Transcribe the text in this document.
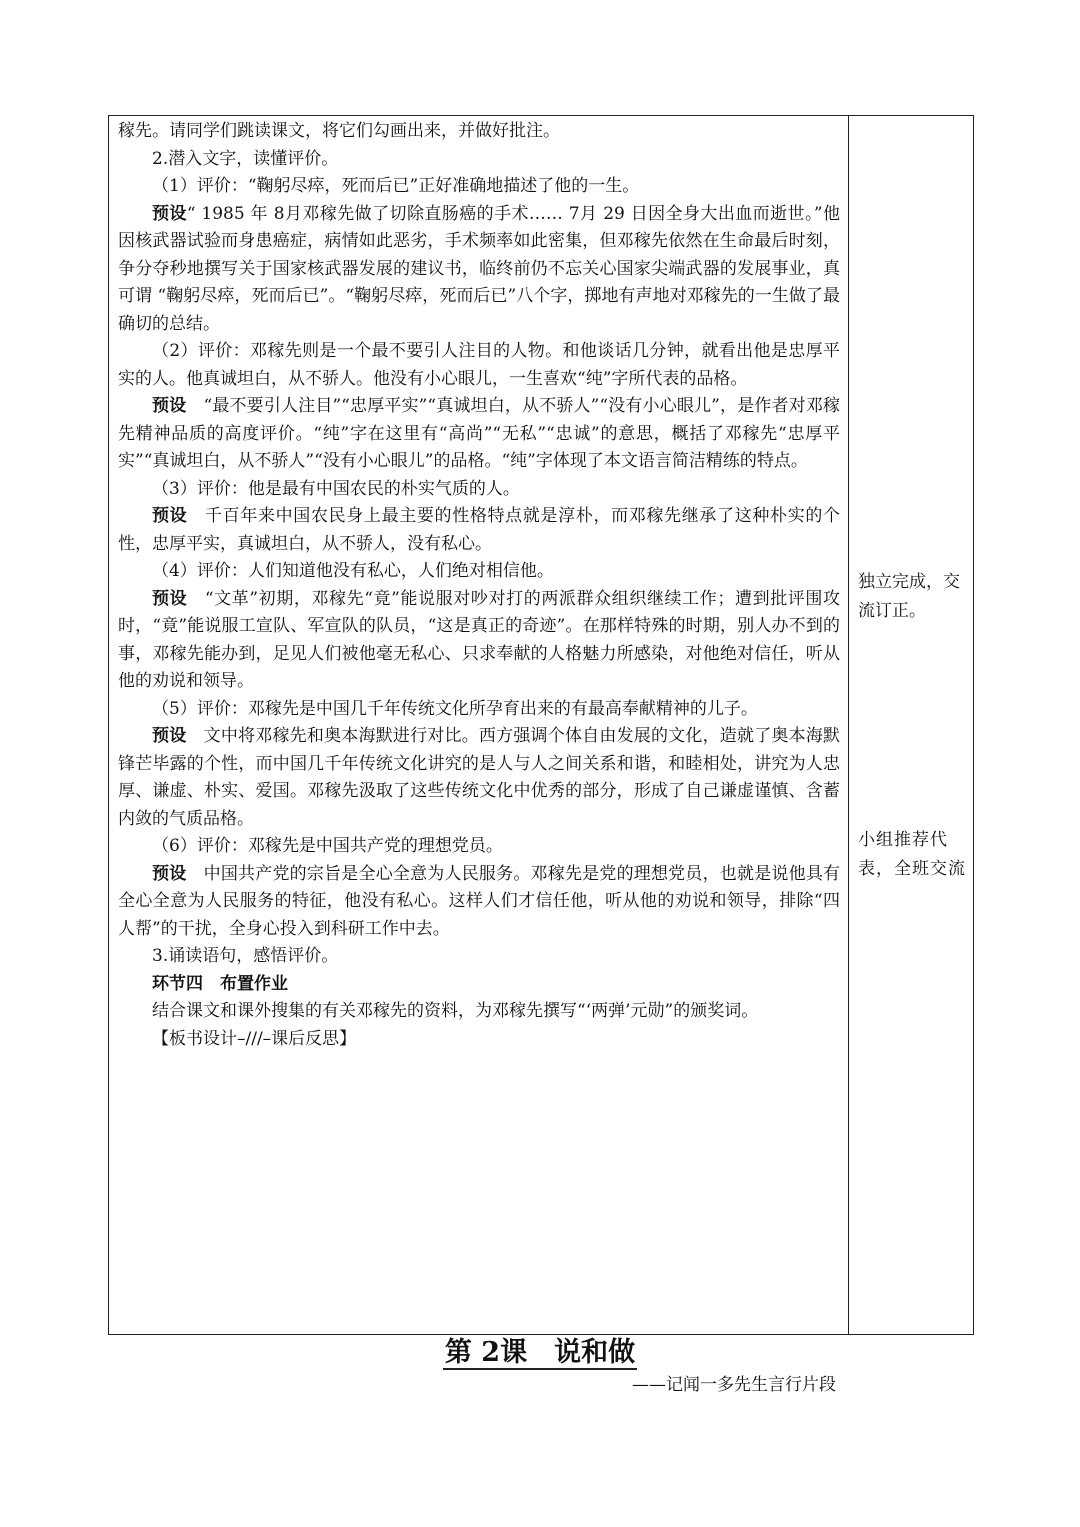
稼先。请同学们跳读课文，将它们勾画出来，并做好批注。

2.潜入文字，读懂评价。

（1）评价：“鞠躬尽瘁，死而后已”正好准确地描述了他的一生。

预设“ 1985 年 8月邓稼先做了切除直肠癌的手术…… 7月 29 日因全身大出血而逝世。”他因核武器试验而身患癌症，病情如此恶劣，手术频率如此密集，但邓稼先依然在生命最后时刻，争分夺秒地撰写关于国家核武器发展的建议书，临终前仍不忘关心国家尖端武器的发展事业，真可谓 “鞠躬尽瘁，死而后已”。“鞠躬尽瘁，死而后已”八个字，掷地有声地对邓稼先的一生做了最确切的总结。

（2）评价：邓稼先则是一个最不要引人注目的人物。和他谈话几分钟，就看出他是忠厚平实的人。他真诚坦白，从不骄人。他没有小心眼儿，一生喜欢“纯”字所代表的品格。

预设　 “最不要引人注目”“忠厚平实”“真诚坦白，从不骄人”“没有小心眼儿”，是作者对邓稼先精神品质的高度评价。“纯”字在这里有“高尚”“无私”“忠诚”的意思，概括了邓稼先“忠厚平实”“真诚坦白，从不骄人”“没有小心眼儿”的品格。“纯”字体现了本文语言简洁精练的特点。

（3）评价：他是最有中国农民的朴实气质的人。

预设　 千百年来中国农民身上最主要的性格特点就是淳朴，而邓稼先继承了这种朴实的个性，忠厚平实，真诚坦白，从不骄人，没有私心。

（4）评价：人们知道他没有私心，人们绝对相信他。

预设　 “文革”初期，邓稼先“竟”能说服对吵对打的两派群众组织继续工作；遭到批评围攻时，“竟”能说服工宣队、军宣队的队员，“这是真正的奇迹”。在那样特殊的时期，别人办不到的事，邓稼先能办到，足见人们被他毫无私心、只求奉献的人格魅力所感染，对他绝对信任，听从他的劝说和领导。

（5）评价：邓稼先是中国几千年传统文化所孕育出来的有最高奉献精神的儿子。

预设　 文中将邓稼先和奥本海默进行对比。西方强调个体自由发展的文化，造就了奥本海默锋芒毕露的个性，而中国几千年传统文化讲究的是人与人之间关系和谐，和睦相处，讲究为人忠厚、谦虚、朴实、爱国。邓稼先汲取了这些传统文化中优秀的部分，形成了自己谦虚谨慎、含蓄内敛的气质品格。

（6）评价：邓稼先是中国共产党的理想党员。

预设　 中国共产党的宗旨是全心全意为人民服务。邓稼先是党的理想党员，也就是说他具有全心全意为人民服务的特征，他没有私心。这样人们才信任他，听从他的劝说和领导，排除“四人帮”的干扰，全身心投入到科研工作中去。

3.诵读语句，感悟评价。

环节四　布置作业

结合课文和课外搜集的有关邓稼先的资料，为邓稼先撰写“‘两弹’元勋”的颁奖词。

【板书设计–///–课后反思】

独立完成，交流订正。
小组推荐代表，全班交流
第 2课　说和做
——记闻一多先生言行片段
